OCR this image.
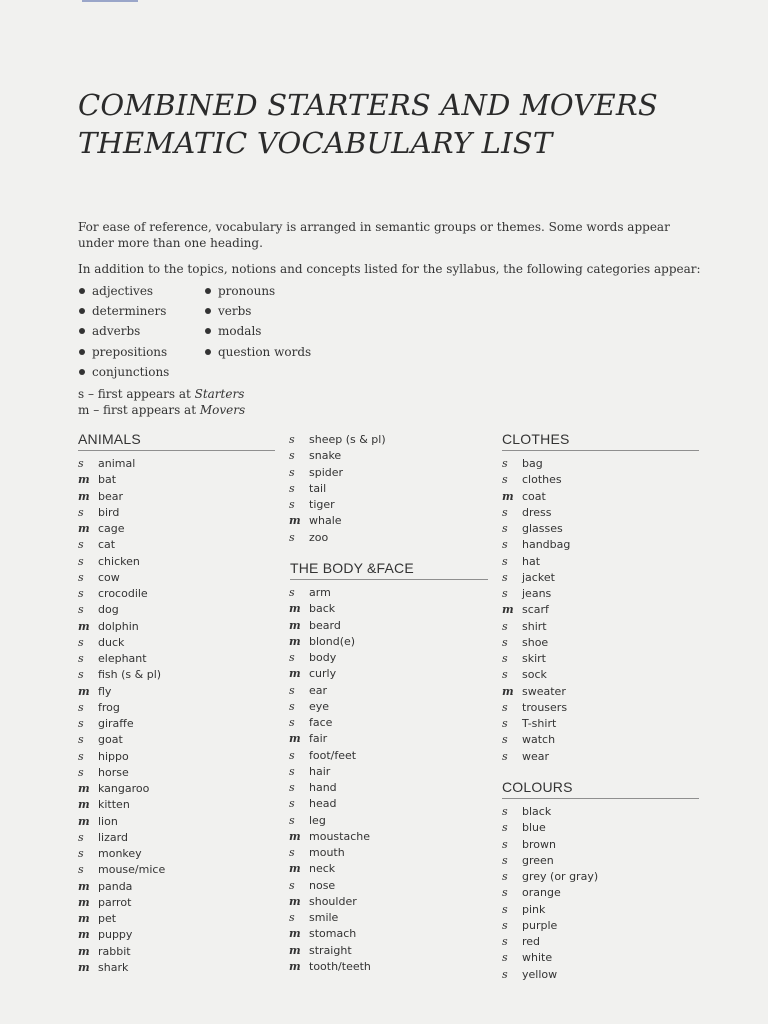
COMBINED STARTERS AND MOVERS
THEMATIC VOCABULARY LIST

For ease of reference, vocabulary is arranged in semantic groups or themes. Some words appear under more than one heading.

In addition to the topics, notions and concepts listed for the syllabus, the following categories appear:

adjectives
determiners
adverbs
prepositions
conjunctions
pronouns
verbs
modals
question words
s – first appears at Starters
m – first appears at Movers
ANIMALS
s animal
m bat
m bear
s bird
m cage
s cat
s chicken
s cow
s crocodile
s dog
m dolphin
s duck
s elephant
s fish (s & pl)
m fly
s frog
s giraffe
s goat
s hippo
s horse
m kangaroo
m kitten
m lion
s lizard
s monkey
s mouse/mice
m panda
m parrot
m pet
m puppy
m rabbit
m shark
s sheep (s & pl)
s snake
s spider
s tail
s tiger
m whale
s zoo
THE BODY &FACE
s arm
m back
m beard
m blond(e)
s body
m curly
s ear
s eye
s face
m fair
s foot/feet
s hair
s hand
s head
s leg
m moustache
s mouth
m neck
s nose
m shoulder
s smile
m stomach
m straight
m tooth/teeth
CLOTHES
s bag
s clothes
m coat
s dress
s glasses
s handbag
s hat
s jacket
s jeans
m scarf
s shirt
s shoe
s skirt
s sock
m sweater
s trousers
s T-shirt
s watch
s wear
COLOURS
s black
s blue
s brown
s green
s grey (or gray)
s orange
s pink
s purple
s red
s white
s yellow
